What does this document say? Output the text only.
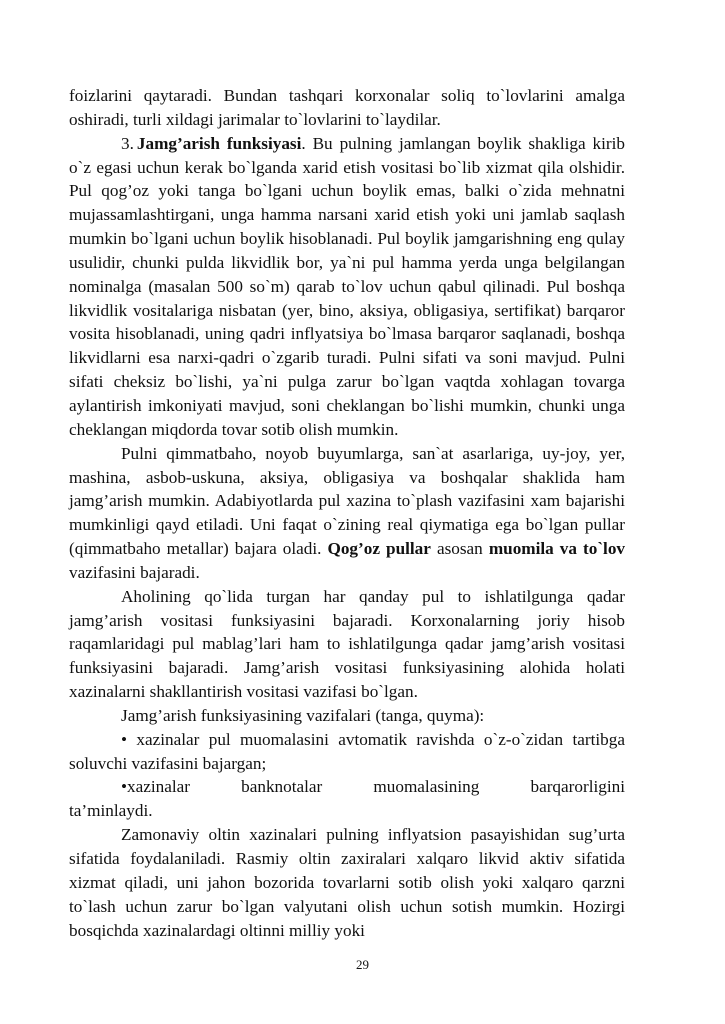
foizlarini qaytaradi. Bundan tashqari korxonalar soliq to`lovlarini amalga oshiradi, turli xildagi jarimalar to`lovlarini to`laydilar.

3. Jamg’arish funksiyasi. Bu pulning jamlangan boylik shakliga kirib o`z egasi uchun kerak bo`lganda xarid etish vositasi bo`lib xizmat qila olshidir. Pul qog’oz yoki tanga bo`lgani uchun boylik emas, balki o`zida mehnatni mujassamlashtirgani, unga hamma narsani xarid etish yoki uni jamlab saqlash mumkin bo`lgani uchun boylik hisoblanadi. Pul boylik jamgarishning eng qulay usulidir, chunki pulda likvidlik bor, ya`ni pul hamma yerda unga belgilangan nominalga (masalan 500 so`m) qarab to`lov uchun qabul qilinadi. Pul boshqa likvidlik vositalariga nisbatan (yer, bino, aksiya, obligasiya, sertifikat) barqaror vosita hisoblanadi, uning qadri inflyatsiya bo`lmasa barqaror saqlanadi, boshqa likvidlarni esa narxi-qadri o`zgarib turadi. Pulni sifati va soni mavjud. Pulni sifati cheksiz bo`lishi, ya`ni pulga zarur bo`lgan vaqtda xohlagan tovarga aylantirish imkoniyati mavjud, soni cheklangan bo`lishi mumkin, chunki unga cheklangan miqdorda tovar sotib olish mumkin.

Pulni qimmatbaho, noyob buyumlarga, san`at asarlariga, uy-joy, yer, mashina, asbob-uskuna, aksiya, obligasiya va boshqalar shaklida ham jamg’arish mumkin. Adabiyotlarda pul xazina to`plash vazifasini xam bajarishi mumkinligi qayd etiladi. Uni faqat o`zining real qiymatiga ega bo`lgan pullar (qimmatbaho metallar) bajara oladi. Qog’oz pullar asosan muomila va to`lov vazifasini bajaradi.

Aholining qo`lida turgan har qanday pul to ishlatilgunga qadar jamg’arish vositasi funksiyasini bajaradi. Korxonalarning joriy hisob raqamlaridagi pul mablag’lari ham to ishlatilgunga qadar jamg’arish vositasi funksiyasini bajaradi. Jamg’arish vositasi funksiyasining alohida holati xazinalarni shakllantirish vositasi vazifasi bo`lgan.

Jamg’arish funksiyasining vazifalari (tanga, quyma):

• xazinalar pul muomalasini avtomatik ravishda o`z-o`zidan tartibga soluvchi vazifasini bajargan;

•xazinalar banknotalar muomalasining barqarorligini

ta’minlaydi.

Zamonaviy oltin xazinalari pulning inflyatsion pasayishidan sug’urta sifatida foydalaniladi. Rasmiy oltin zaxiralari xalqaro likvid aktiv sifatida xizmat qiladi, uni jahon bozorida tovarlarni sotib olish yoki xalqaro qarzni to`lash uchun zarur bo`lgan valyutani olish uchun sotish mumkin. Hozirgi bosqichda xazinalardagi oltinni milliy yoki

29
